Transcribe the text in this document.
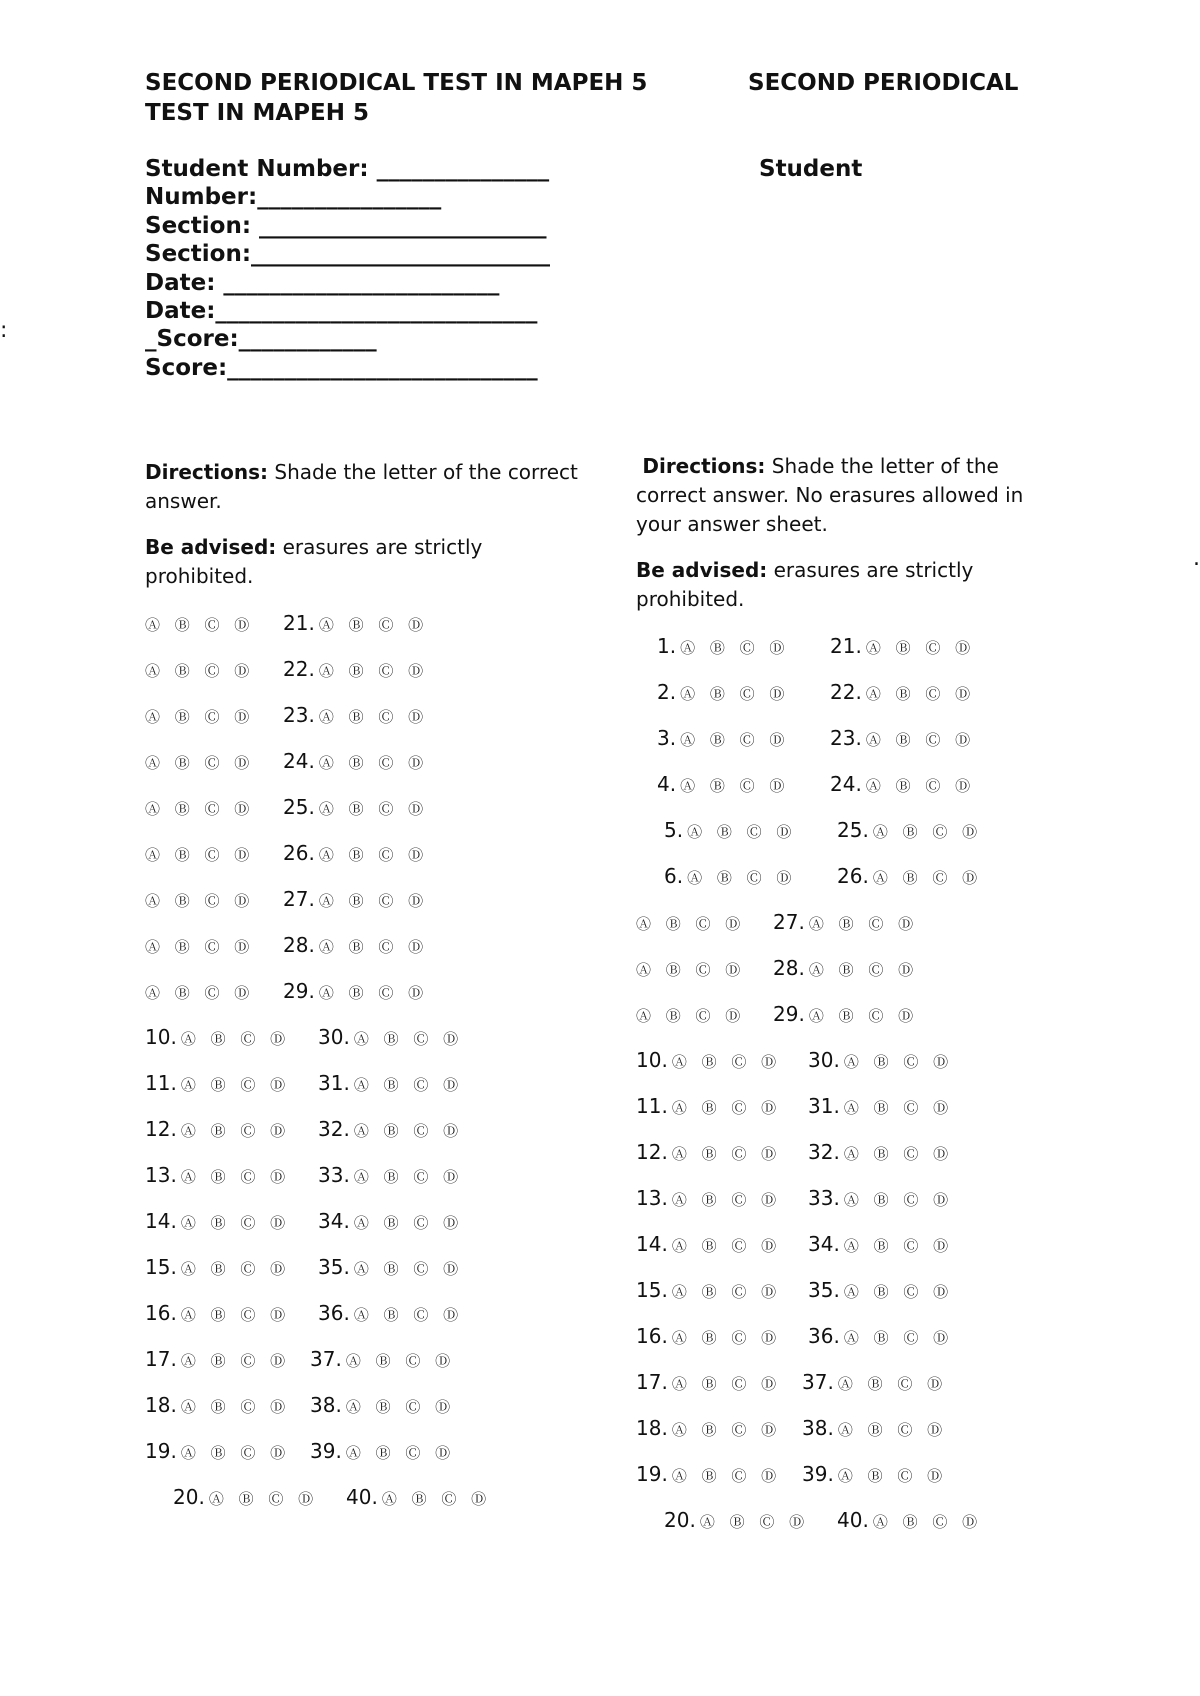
SECOND PERIODICAL TEST IN MAPEH 5	SECOND PERIODICAL
TEST IN MAPEH 5
Student Number: _______________	Student
Number:________________
Section: _________________________
Section:__________________________
Date: ________________________
Date:____________________________
_Score:____________
Score:___________________________
:
.
Directions: Shade the letter of the correct answer.
Be advised: erasures are strictly prohibited.
Directions: Shade the letter of the correct answer. No erasures allowed in your answer sheet.
Be advised: erasures are strictly prohibited.
Ⓐ Ⓑ Ⓒ Ⓓ 21. Ⓐ Ⓑ Ⓒ Ⓓ
Ⓐ Ⓑ Ⓒ Ⓓ 22. Ⓐ Ⓑ Ⓒ Ⓓ
Ⓐ Ⓑ Ⓒ Ⓓ 23. Ⓐ Ⓑ Ⓒ Ⓓ
Ⓐ Ⓑ Ⓒ Ⓓ 24. Ⓐ Ⓑ Ⓒ Ⓓ
Ⓐ Ⓑ Ⓒ Ⓓ 25. Ⓐ Ⓑ Ⓒ Ⓓ
Ⓐ Ⓑ Ⓒ Ⓓ 26. Ⓐ Ⓑ Ⓒ Ⓓ
Ⓐ Ⓑ Ⓒ Ⓓ 27. Ⓐ Ⓑ Ⓒ Ⓓ
Ⓐ Ⓑ Ⓒ Ⓓ 28. Ⓐ Ⓑ Ⓒ Ⓓ
Ⓐ Ⓑ Ⓒ Ⓓ 29. Ⓐ Ⓑ Ⓒ Ⓓ
10. Ⓐ Ⓑ Ⓒ Ⓓ 30. Ⓐ Ⓑ Ⓒ Ⓓ
11. Ⓐ Ⓑ Ⓒ Ⓓ 31. Ⓐ Ⓑ Ⓒ Ⓓ
12. Ⓐ Ⓑ Ⓒ Ⓓ 32. Ⓐ Ⓑ Ⓒ Ⓓ
13. Ⓐ Ⓑ Ⓒ Ⓓ 33. Ⓐ Ⓑ Ⓒ Ⓓ
14. Ⓐ Ⓑ Ⓒ Ⓓ 34. Ⓐ Ⓑ Ⓒ Ⓓ
15. Ⓐ Ⓑ Ⓒ Ⓓ 35. Ⓐ Ⓑ Ⓒ Ⓓ
16. Ⓐ Ⓑ Ⓒ Ⓓ 36. Ⓐ Ⓑ Ⓒ Ⓓ
17. Ⓐ Ⓑ Ⓒ Ⓓ 37. Ⓐ Ⓑ Ⓒ Ⓓ
18. Ⓐ Ⓑ Ⓒ Ⓓ 38. Ⓐ Ⓑ Ⓒ Ⓓ
19. Ⓐ Ⓑ Ⓒ Ⓓ 39. Ⓐ Ⓑ Ⓒ Ⓓ
20. Ⓐ Ⓑ Ⓒ Ⓓ 40. Ⓐ Ⓑ Ⓒ Ⓓ
1. Ⓐ Ⓑ Ⓒ Ⓓ 21. Ⓐ Ⓑ Ⓒ Ⓓ
2. Ⓐ Ⓑ Ⓒ Ⓓ 22. Ⓐ Ⓑ Ⓒ Ⓓ
3. Ⓐ Ⓑ Ⓒ Ⓓ 23. Ⓐ Ⓑ Ⓒ Ⓓ
4. Ⓐ Ⓑ Ⓒ Ⓓ 24. Ⓐ Ⓑ Ⓒ Ⓓ
5. Ⓐ Ⓑ Ⓒ Ⓓ 25. Ⓐ Ⓑ Ⓒ Ⓓ
6. Ⓐ Ⓑ Ⓒ Ⓓ 26. Ⓐ Ⓑ Ⓒ Ⓓ
Ⓐ Ⓑ Ⓒ Ⓓ 27. Ⓐ Ⓑ Ⓒ Ⓓ
Ⓐ Ⓑ Ⓒ Ⓓ 28. Ⓐ Ⓑ Ⓒ Ⓓ
Ⓐ Ⓑ Ⓒ Ⓓ 29. Ⓐ Ⓑ Ⓒ Ⓓ
10. Ⓐ Ⓑ Ⓒ Ⓓ 30. Ⓐ Ⓑ Ⓒ Ⓓ
11. Ⓐ Ⓑ Ⓒ Ⓓ 31. Ⓐ Ⓑ Ⓒ Ⓓ
12. Ⓐ Ⓑ Ⓒ Ⓓ 32. Ⓐ Ⓑ Ⓒ Ⓓ
13. Ⓐ Ⓑ Ⓒ Ⓓ 33. Ⓐ Ⓑ Ⓒ Ⓓ
14. Ⓐ Ⓑ Ⓒ Ⓓ 34. Ⓐ Ⓑ Ⓒ Ⓓ
15. Ⓐ Ⓑ Ⓒ Ⓓ 35. Ⓐ Ⓑ Ⓒ Ⓓ
16. Ⓐ Ⓑ Ⓒ Ⓓ 36. Ⓐ Ⓑ Ⓒ Ⓓ
17. Ⓐ Ⓑ Ⓒ Ⓓ 37. Ⓐ Ⓑ Ⓒ Ⓓ
18. Ⓐ Ⓑ Ⓒ Ⓓ 38. Ⓐ Ⓑ Ⓒ Ⓓ
19. Ⓐ Ⓑ Ⓒ Ⓓ 39. Ⓐ Ⓑ Ⓒ Ⓓ
20. Ⓐ Ⓑ Ⓒ Ⓓ 40. Ⓐ Ⓑ Ⓒ Ⓓ
